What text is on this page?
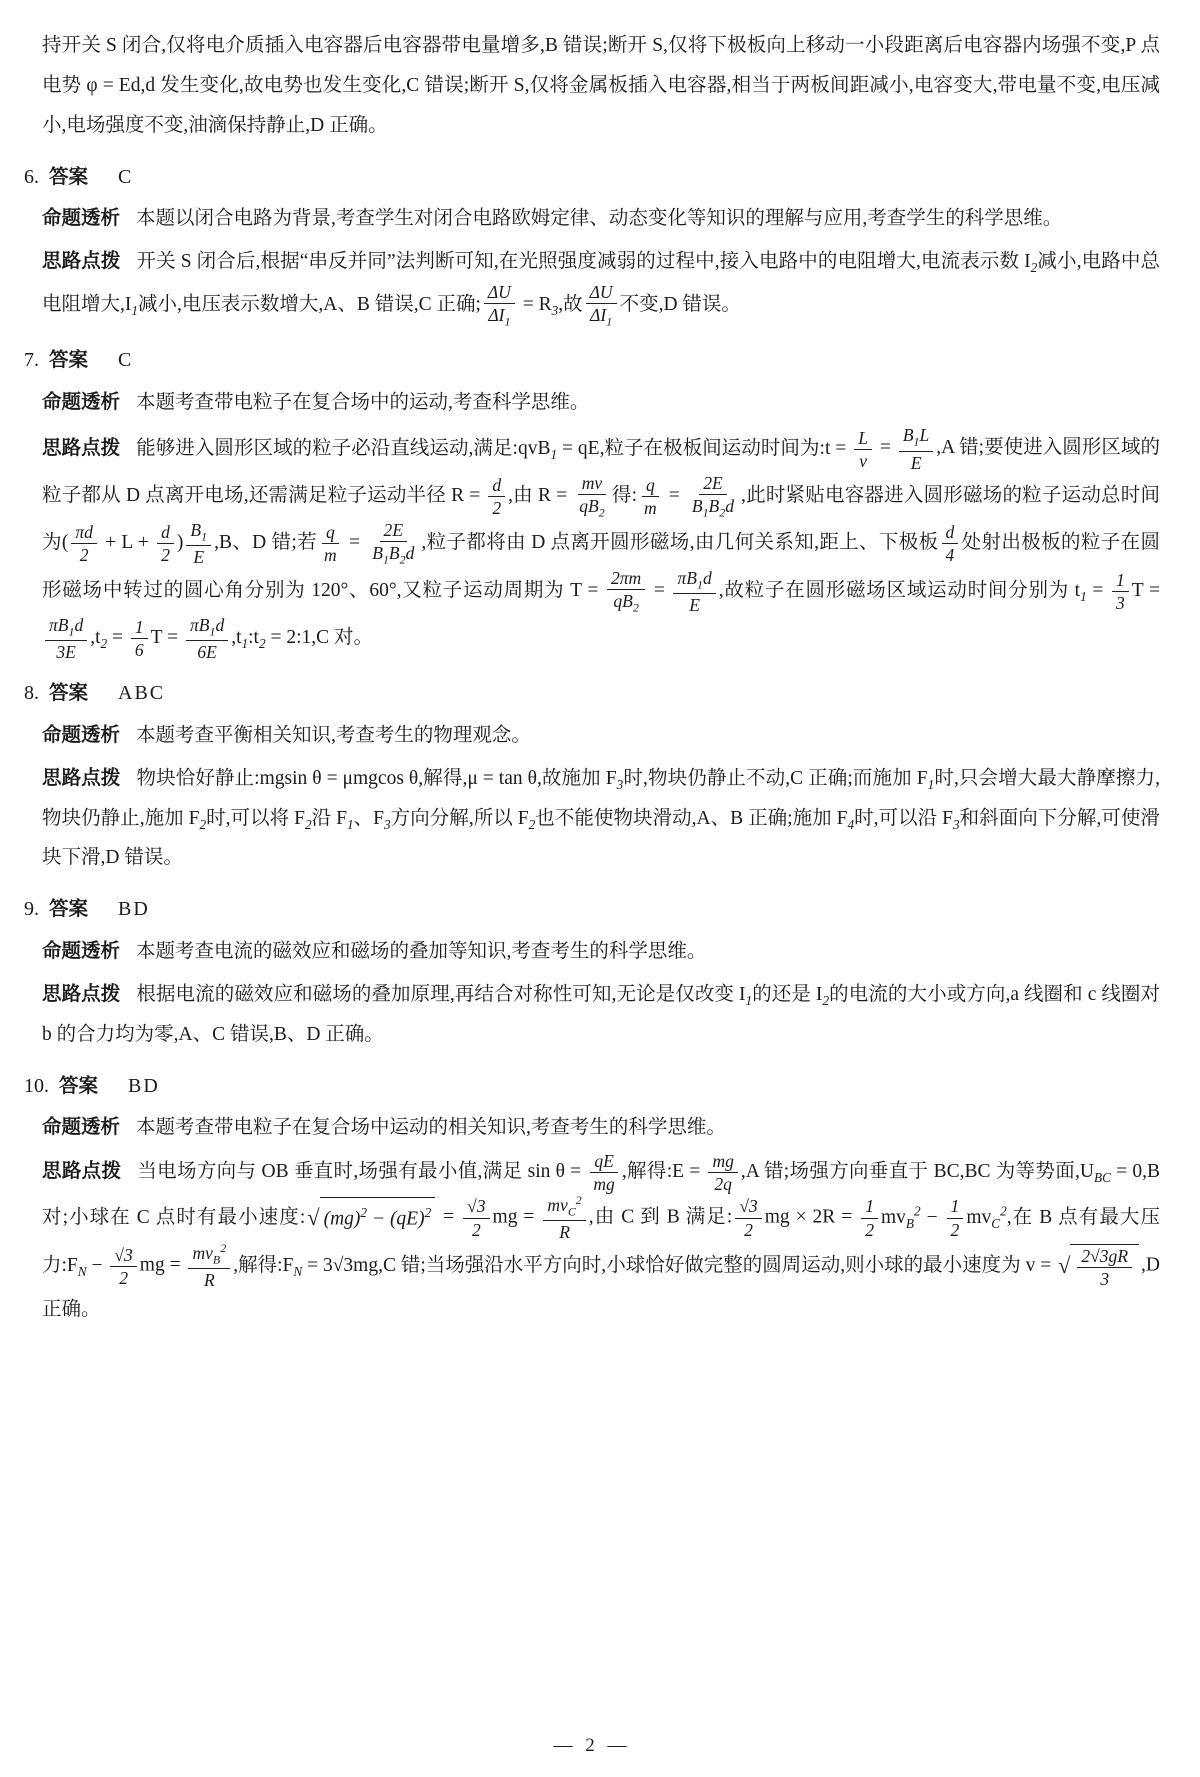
持开关 S 闭合,仅将电介质插入电容器后电容器带电量增多,B 错误;断开 S,仅将下极板向上移动一小段距离后电容器内场强不变,P 点电势 φ = Ed,d 发生变化,故电势也发生变化,C 错误;断开 S,仅将金属板插入电容器,相当于两板间距减小,电容变大,带电量不变,电压减小,电场强度不变,油滴保持静止,D 正确。
6. 答案 C
命题透析 本题以闭合电路为背景,考查学生对闭合电路欧姆定律、动态变化等知识的理解与应用,考查学生的科学思维。
思路点拨 开关 S 闭合后,根据“串反并同”法判断可知,在光照强度减弱的过程中,接入电路中的电阻增大,电流表示数 $I_2$减小,电路中总电阻增大$,I_1$减小,电压表示数增大,A、B 错误,C 正确; $\frac{\Delta U}{\Delta I_1} = R_3$,故 $\frac{\Delta U}{\Delta I_1}$ 不变,D 错误。
7. 答案 C
命题透析 本题考查带电粒子在复合场中的运动,考查科学思维。
思路点拨 能够进入圆形区域的粒子必沿直线运动,满足:qvB$_1$ = qE,粒子在极板间运动时间为:t = $\frac{L}{v} = \frac{B_1L}{E} ,A$ 错;要使进入圆形区域的粒子都从 D 点离开电场,还需满足粒子运动半径 $R = \frac{d}{2}$ ,由 $R = \frac{mv}{qB_2}$ 得: $\frac{q}{m} = \frac{2E}{B_1B_2d}$ ,此时紧贴电容器进入圆形磁场的粒子运动总时间为( $\frac{\pi d}{2} + L + \frac{d}{2}$ ) $\frac{B_1}{E} ,B$、D 错;若 $\frac{q}{m} = \frac{2E}{B_1B_2d}$ ,粒子都将由 D 点离开圆形磁场,由几何关系知,距上、下极板 $\frac{d}{4}$ 处射出极板的粒子在圆形磁场中转过的圆心角分别为 120°、60°,又粒子运动周期为 $T = \frac{2\pi m}{qB_2} = \frac{\pi B_1d}{E}$ ,故粒子在圆形磁场区域运动时间分别为 $t_1 = \frac{1}{3}$ T =
$\frac{\pi B_1d}{3E} ,t_2 = \frac{1}{6}$ $T = \frac{\pi B_1d}{6E}$ $,t_1:t_2$ = 2:1,C 对。
8. 答案 ABC
命题透析 本题考查平衡相关知识,考查考生的物理观念。
思路点拨 物块恰好静止:mgsin θ = μmgcos θ,解得,μ = tan θ,故施加 $F_3$时,物块仍静止不动,C 正确;而施加 $F_1$时,只会增大最大静摩擦力,物块仍静止,施加 $F_2$时,可以将 $F_2$沿 $F_1$、$F_3$方向分解,所以 $F_2$也不能使物块滑动,A、B 正确;施加 $F_4$时,可以沿 $F_3$和斜面向下分解,可使滑块下滑,D 错误。
9. 答案 BD
命题透析 本题考查电流的磁效应和磁场的叠加等知识,考查考生的科学思维。
思路点拨 根据电流的磁效应和磁场的叠加原理,再结合对称性可知,无论是仅改变 $I_1$的还是 $I_2$的电流的大小或方向,a 线圈和 c 线圈对 b 的合力均为零,A、C 错误,B、D 正确。
10. 答案 BD
命题透析 本题考查带电粒子在复合场中运动的相关知识,考查考生的科学思维。
思路点拨 当电场方向与 OB 垂直时,场强有最小值,满足 $\sin \theta = \frac{qE}{mg}$ ,解得:E = $\frac{mg}{2q} ,A$ 错;场强方向垂直于 BC,BC 为等势面$,U_{BC} = 0,B$ 对;小球在 C 点时有最小速度: √ $(mg)^2 - (qE)^2 = \frac{√3}{2}$ mg = $\frac{mv_C^2}{R}$ ,由 C 到 B 满足: $\frac{√3}{2}$ mg × $2R = \frac{1}{2} mv_B^2 - \frac{1}{2} mv_C^2$,在 B 点有最大压力$:F_N - \frac{√3}{2}$ mg = $\frac{mv_B^2}{R}$ ,解得$:F_N = 3√3mg,C$ 错;当场强沿水平方向时,小球恰好做完整的圆周运动,则小球的最小速度为 v = √ $\frac{2√3gR}{3} ,D$ 正确。
— 2 —
